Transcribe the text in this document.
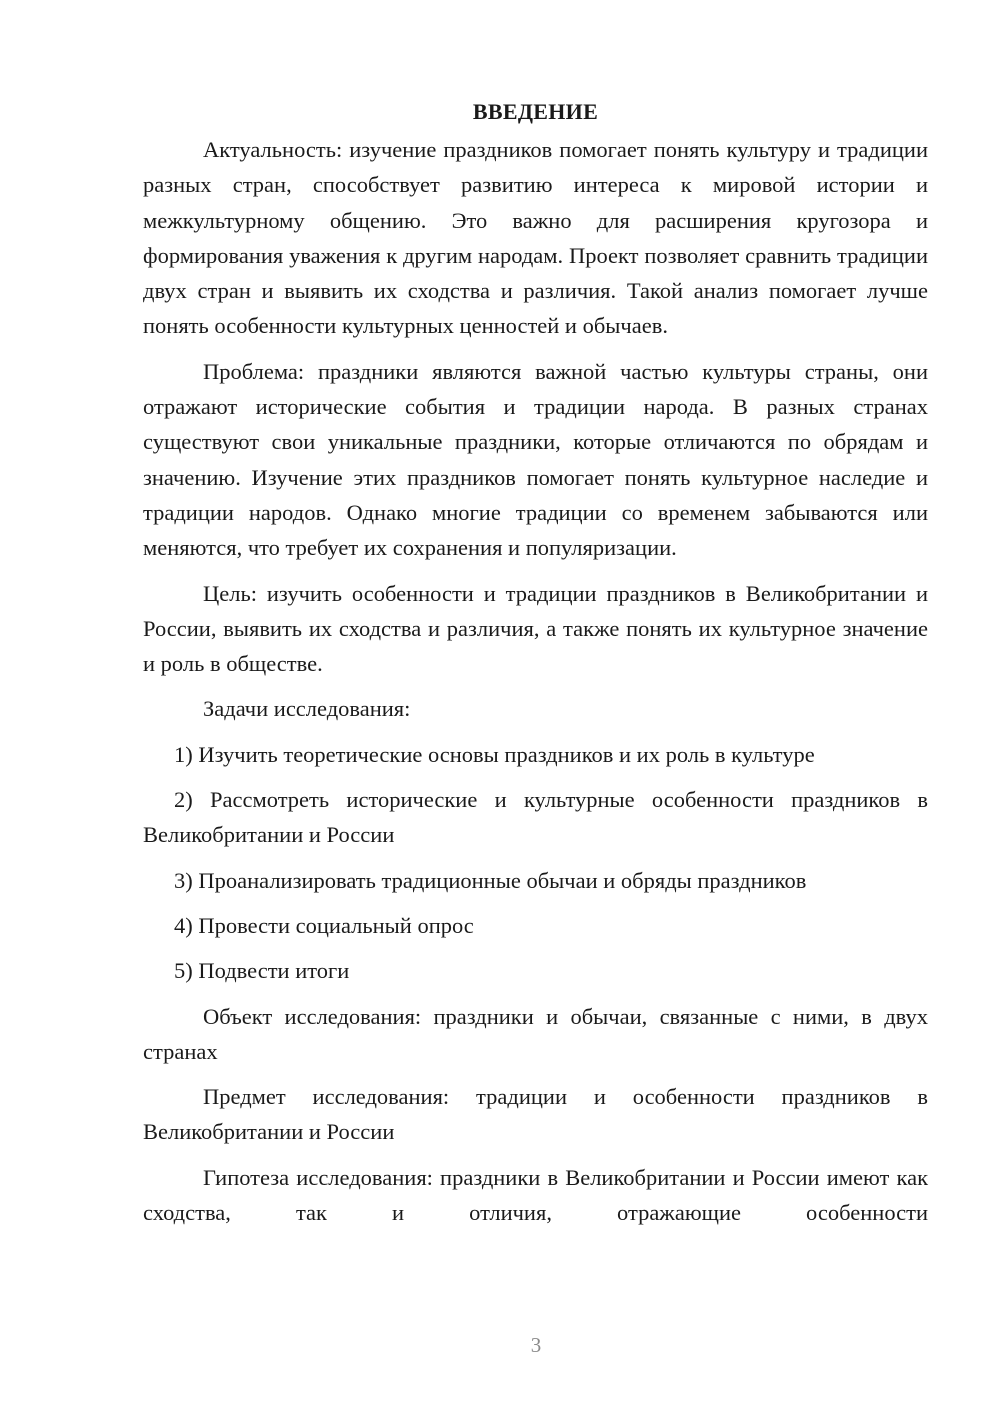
ВВЕДЕНИЕ

Актуальность: изучение праздников помогает понять культуру и традиции разных стран, способствует развитию интереса к мировой истории и межкультурному общению. Это важно для расширения кругозора и формирования уважения к другим народам. Проект позволяет сравнить традиции двух стран и выявить их сходства и различия. Такой анализ помогает лучше понять особенности культурных ценностей и обычаев.

Проблема: праздники являются важной частью культуры страны, они отражают исторические события и традиции народа. В разных странах существуют свои уникальные праздники, которые отличаются по обрядам и значению. Изучение этих праздников помогает понять культурное наследие и традиции народов. Однако многие традиции со временем забываются или меняются, что требует их сохранения и популяризации.

Цель: изучить особенности и традиции праздников в Великобритании и России, выявить их сходства и различия, а также понять их культурное значение и роль в обществе.

Задачи исследования:

1) Изучить теоретические основы праздников и их роль в культуре

2) Рассмотреть исторические и культурные особенности праздников в Великобритании и России

3) Проанализировать традиционные обычаи и обряды праздников

4) Провести социальный опрос

5) Подвести итоги

Объект исследования: праздники и обычаи, связанные с ними, в двух странах

Предмет исследования: традиции и особенности праздников в Великобритании и России

Гипотеза исследования: праздники в Великобритании и России имеют как сходства, так и отличия, отражающие особенности

3
